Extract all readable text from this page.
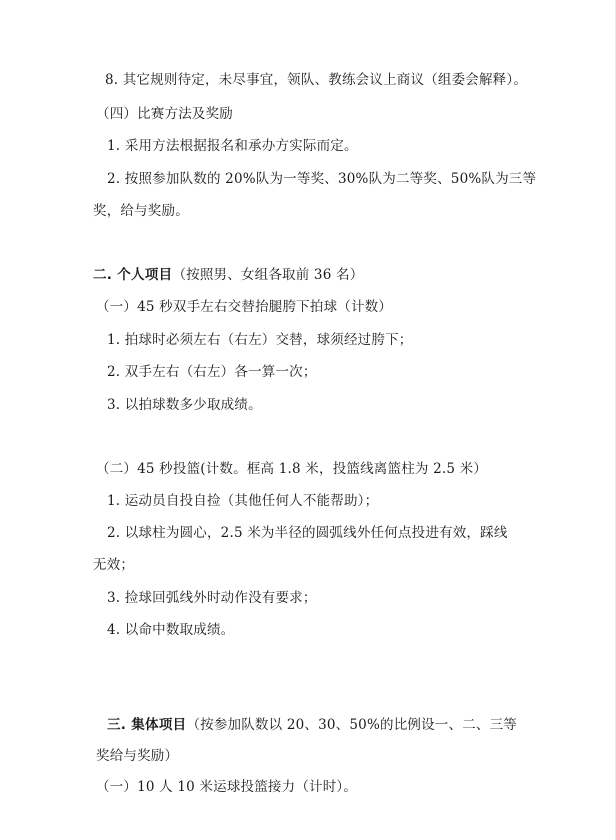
8. 其它规则待定，未尽事宜，领队、教练会议上商议（组委会解释）。
（四）比赛方法及奖励
1. 采用方法根据报名和承办方实际而定。
2. 按照参加队数的 20%队为一等奖、30%队为二等奖、50%队为三等
奖，给与奖励。
二. 个人项目（按照男、女组各取前 36 名）
（一）45 秒双手左右交替抬腿胯下拍球（计数）
1. 拍球时必须左右（右左）交替，球须经过胯下；
2. 双手左右（右左）各一算一次；
3. 以拍球数多少取成绩。
（二）45 秒投篮(计数。框高 1.8 米，投篮线离篮柱为 2.5 米）
1. 运动员自投自捡（其他任何人不能帮助）；
2. 以球柱为圆心，2.5 米为半径的圆弧线外任何点投进有效，踩线
无效；
3. 捡球回弧线外时动作没有要求；
4. 以命中数取成绩。
三. 集体项目（按参加队数以 20、30、50%的比例设一、二、三等
奖给与奖励）
（一）10 人 10 米运球投篮接力（计时）。
